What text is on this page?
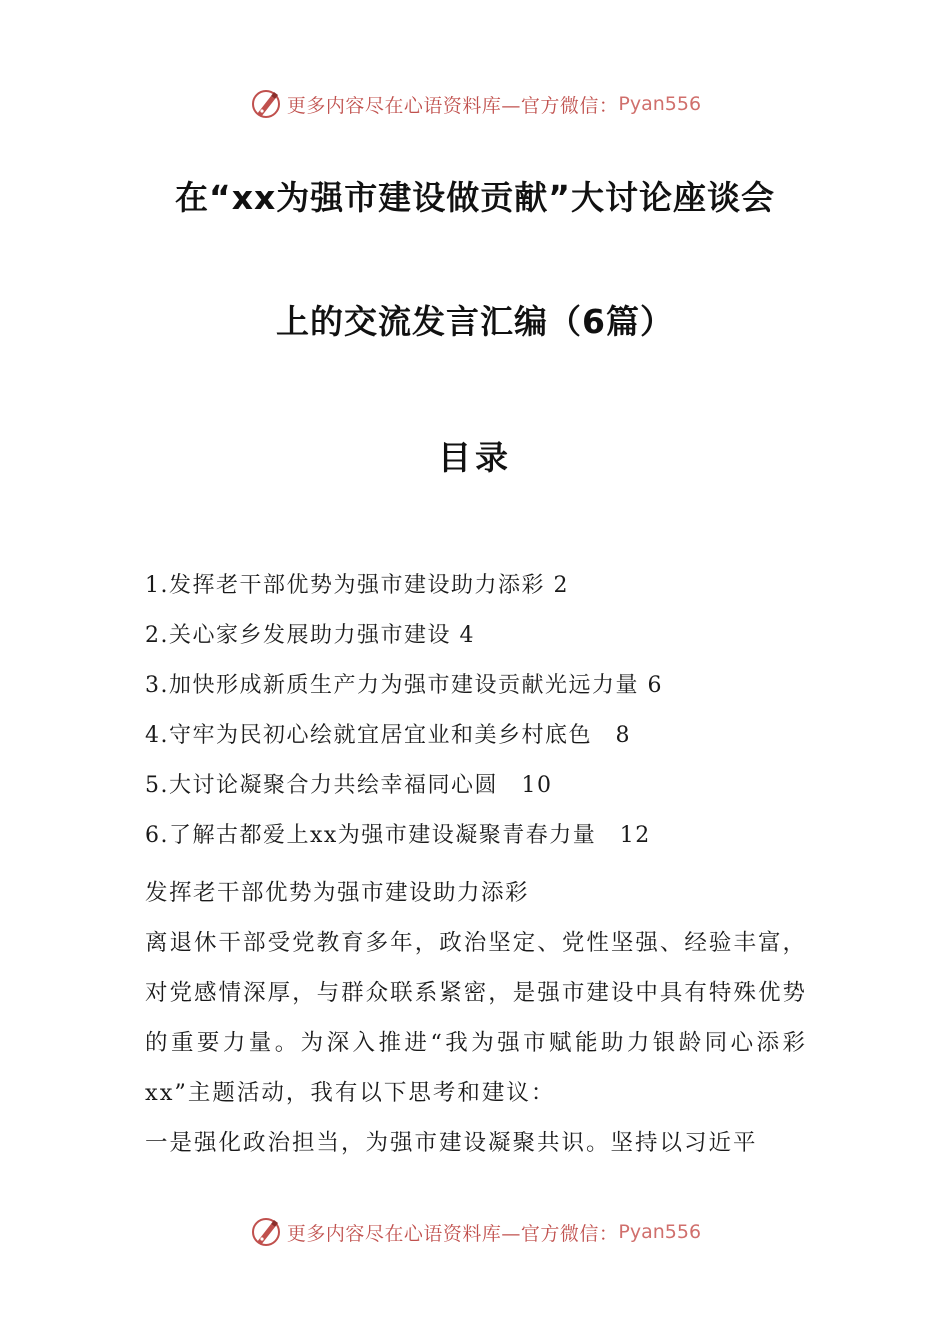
更多内容尽在心语资料库—官方微信： Pyan556
在“xx为强市建设做贡献”大讨论座谈会
上的交流发言汇编（6篇）
目录
1.发挥老干部优势为强市建设助力添彩 2
2.关心家乡发展助力强市建设 4
3.加快形成新质生产力为强市建设贡献光远力量 6
4.守牢为民初心绘就宜居宜业和美乡村底色　8
5.大讨论凝聚合力共绘幸福同心圆　10
6.了解古都爱上xx为强市建设凝聚青春力量　12

发挥老干部优势为强市建设助力添彩

离退休干部受党教育多年，政治坚定、党性坚强、经验丰富，对党感情深厚，与群众联系紧密，是强市建设中具有特殊优势的重要力量。为深入推进“我为强市赋能助力银龄同心添彩xx”主题活动，我有以下思考和建议：

一是强化政治担当，为强市建设凝聚共识。坚持以习近平

更多内容尽在心语资料库—官方微信： Pyan556
